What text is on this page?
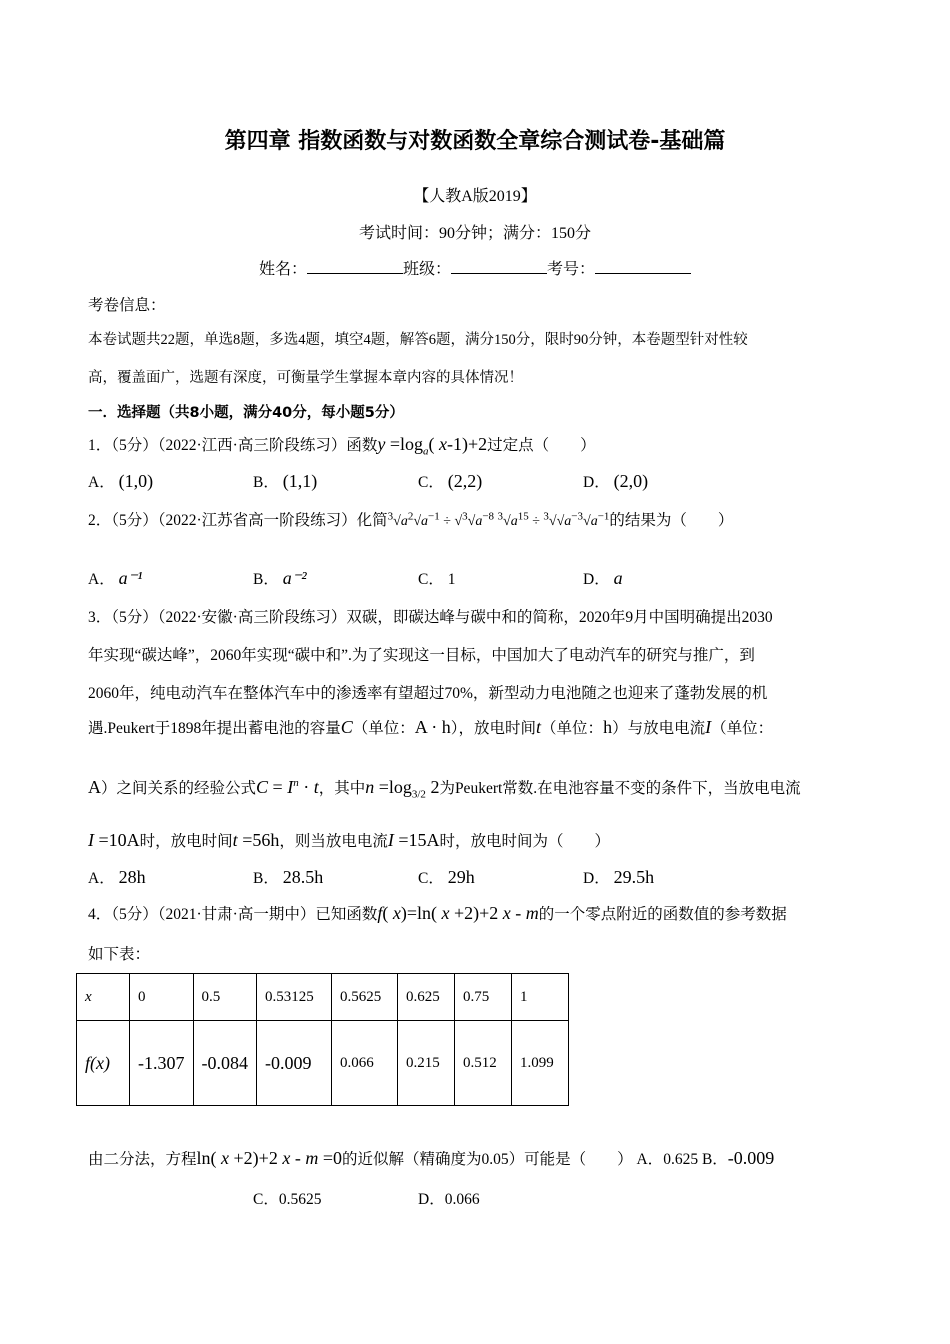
第四章 指数函数与对数函数全章综合测试卷-基础篇
【人教A版2019】
考试时间：90分钟；满分：150分
姓名：	班级：	考号：
考卷信息：
本卷试题共22题，单选8题，多选4题，填空4题，解答6题，满分150分，限时90分钟，本卷题型针对性较
高，覆盖面广，选题有深度，可衡量学生掌握本章内容的具体情况！
一．选择题（共8小题，满分40分，每小题5分）
1．（5分）（2022·江西·高三阶段练习）函数$y =\log_a$( x-1)+2过定点（　　）
A． (1,0)	B． (1,1)	C． (2,2)	D． (2,0)
2．（5分）（2022·江苏省高一阶段练习）化简$^3√a^2√a^{-1} \div √^3√a^{-8}$ $^3√a^{15} \div ^3√√a^{-3}√a^{-1}$的结果为（　　）
A． a⁻¹	B． a⁻²	C． 1	D． a
3．（5分）（2022·安徽·高三阶段练习）双碳，即碳达峰与碳中和的简称，2020年9月中国明确提出2030
年实现“碳达峰”，2060年实现“碳中和”.为了实现这一目标，中国加大了电动汽车的研究与推广，到
2060年，纯电动汽车在整体汽车中的渗透率有望超过70%，新型动力电池随之也迎来了蓬勃发展的机
遇.Peukert于1898年提出蓄电池的容量C（单位：A · h），放电时间t（单位：h）与放电电流I（单位：
A）之间关系的经验公式$C = I^n \cdot t$，其中$n =\log_{3/2}$ 2为Peukert常数.在电池容量不变的条件下，当放电电流
I =10A时，放电时间t =56h，则当放电电流I =15A时，放电时间为（　　）
A． 28h	B． 28.5h	C． 29h	D． 29.5h
4．（5分）（2021·甘肃·高一期中）已知函数f( x)=ln( x +2)+2 x - m的一个零点附近的函数值的参考数据
如下表：
x	0	0.5	0.53125	0.5625	0.625	0.75	1
f(x)	-1.307	-0.084	-0.009	0.066	0.215	0.512	1.099
由二分法，方程ln( x +2)+2 x - m =0的近似解（精确度为0.05）可能是（　　） A．0.625 B．-0.009
C．0.5625	D．0.066
